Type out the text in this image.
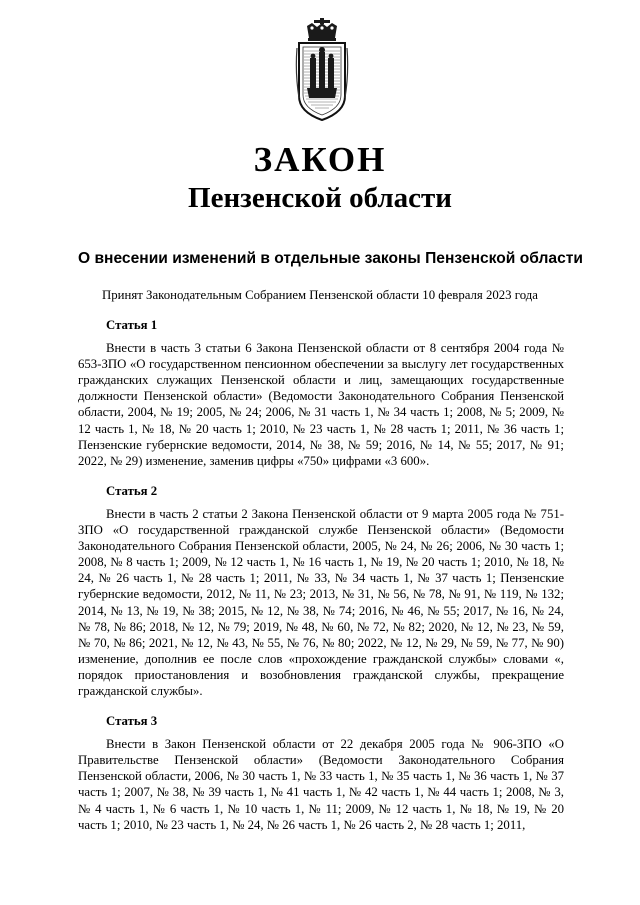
ЗАКОН
Пензенской области
О внесении изменений в отдельные законы Пензенской области
Принят Законодательным Собранием Пензенской области 10 февраля 2023 года

Статья 1

Внести в часть 3 статьи 6 Закона Пензенской области от 8 сентября 2004 года № 653-ЗПО «О государственном пенсионном обеспечении за выслугу лет государственных гражданских служащих Пензенской области и лиц, замещающих государственные должности Пензенской области» (Ведомости Законодательного Собрания Пензенской области, 2004, № 19; 2005, № 24; 2006, № 31 часть 1, № 34 часть 1; 2008, № 5; 2009, № 12 часть 1, № 18, № 20 часть 1; 2010, № 23 часть 1, № 28 часть 1; 2011, № 36 часть 1; Пензенские губернские ведомости, 2014, № 38, № 59; 2016, № 14, № 55; 2017, № 91; 2022, № 29) изменение, заменив цифры «750» цифрами «3 600».

Статья 2

Внести в часть 2 статьи 2 Закона Пензенской области от 9 марта 2005 года № 751-ЗПО «О государственной гражданской службе Пензенской области» (Ведомости Законодательного Собрания Пензенской области, 2005, № 24, № 26; 2006, № 30 часть 1; 2008, № 8 часть 1; 2009, № 12 часть 1, № 16 часть 1, № 19, № 20 часть 1; 2010, № 18, № 24, № 26 часть 1, № 28 часть 1; 2011, № 33, № 34 часть 1, № 37 часть 1; Пензенские губернские ведомости, 2012, № 11, № 23; 2013, № 31, № 56, № 78, № 91, № 119, № 132; 2014, № 13, № 19, № 38; 2015, № 12, № 38, № 74; 2016, № 46, № 55; 2017, № 16, № 24, № 78, № 86; 2018, № 12, № 79; 2019, № 48, № 60, № 72, № 82; 2020, № 12, № 23, № 59, № 70, № 86; 2021, № 12, № 43, № 55, № 76, № 80; 2022, № 12, № 29, № 59, № 77, № 90) изменение, дополнив ее после слов «прохождение гражданской службы» словами «, порядок приостановления и возобновления гражданской службы, прекращение гражданской службы».

Статья 3

Внести в Закон Пензенской области от 22 декабря 2005 года № 906-ЗПО «О Правительстве Пензенской области» (Ведомости Законодательного Собрания Пензенской области, 2006, № 30 часть 1, № 33 часть 1, № 35 часть 1, № 36 часть 1, № 37 часть 1; 2007, № 38, № 39 часть 1, № 41 часть 1, № 42 часть 1, № 44 часть 1; 2008, № 3, № 4 часть 1, № 6 часть 1, № 10 часть 1, № 11; 2009, № 12 часть 1, № 18, № 19, № 20 часть 1; 2010, № 23 часть 1, № 24, № 26 часть 1, № 26 часть 2, № 28 часть 1; 2011,
